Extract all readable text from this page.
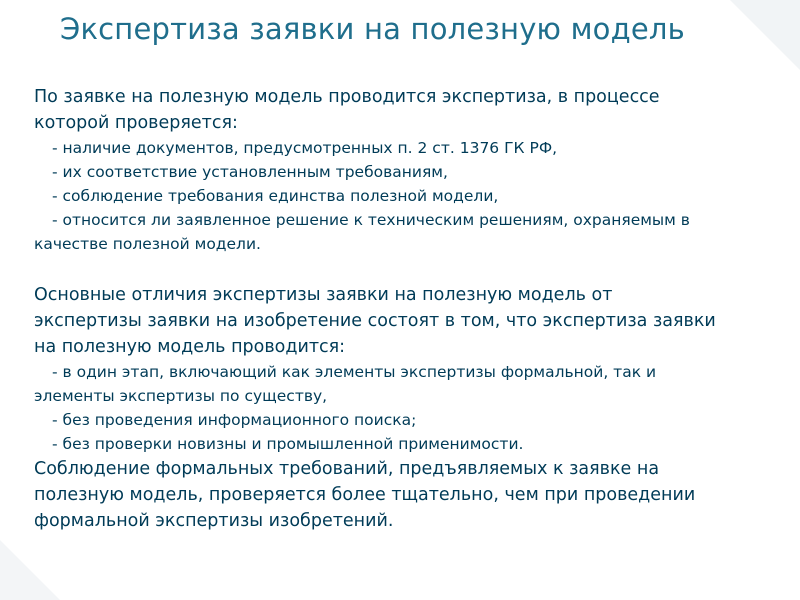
Экспертиза заявки на полезную модель

По заявке на полезную модель проводится экспертиза, в процессе

которой проверяется:

- наличие документов, предусмотренных п. 2 ст. 1376 ГК РФ,

- их соответствие установленным требованиям,

- соблюдение требования единства полезной модели,

- относится ли заявленное решение к техническим решениям, охраняемым в

качестве полезной модели.

Основные отличия экспертизы заявки на полезную модель от

экспертизы заявки на изобретение состоят в том, что экспертиза заявки

на полезную модель проводится:

- в один этап, включающий как элементы экспертизы формальной, так и

элементы экспертизы по существу,

- без проведения информационного поиска;

- без проверки новизны и промышленной применимости.

Соблюдение формальных требований, предъявляемых к заявке на

полезную модель, проверяется более тщательно, чем при проведении

формальной экспертизы изобретений.
